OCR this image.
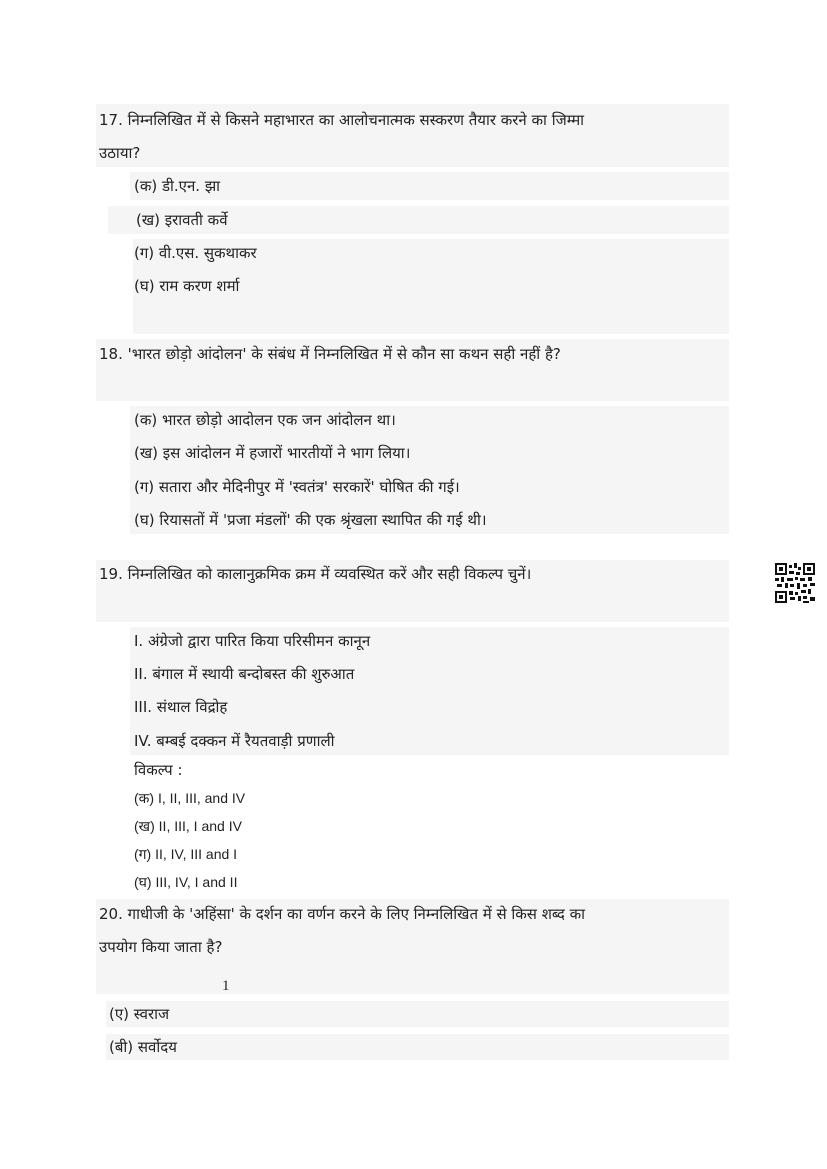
17. निम्नलिखित में से किसने महाभारत का आलोचनात्मक सस्करण तैयार करने का जिम्मा
उठाया?
(क) डी.एन. झा
(ख) इरावती कर्वे
(ग) वी.एस. सुकथाकर
(घ) राम करण शर्मा
18. 'भारत छोड़ो आंदोलन' के संबंध में निम्नलिखित में से कौन सा कथन सही नहीं है?
(क) भारत छोड़ो आदोलन एक जन आंदोलन था।
(ख) इस आंदोलन में हजारों भारतीयों ने भाग लिया।
(ग) सतारा और मेदिनीपुर में 'स्वतंत्र' सरकारें' घोषित की गई।
(घ) रियासतों में 'प्रजा मंडलों' की एक श्रृंखला स्थापित की गई थी।
19. निम्नलिखित को कालानुक्रमिक क्रम में व्यवस्थित करें और सही विकल्प चुनें।
I. अंग्रेजो द्वारा पारित किया परिसीमन कानून
II. बंगाल में स्थायी बन्दोबस्त की शुरुआत
III. संथाल विद्रोह
IV. बम्बई दक्कन में रैयतवाड़ी प्रणाली
विकल्प :
(क) I, II, III, and IV
(ख) II, III, I and IV
(ग) II, IV, III and I
(घ) III, IV, I and II
20. गाधीजी के 'अहिंसा' के दर्शन का वर्णन करने के लिए निम्नलिखित में से किस शब्द का
उपयोग किया जाता है?
1
(ए) स्वराज
(बी) सर्वोदय
